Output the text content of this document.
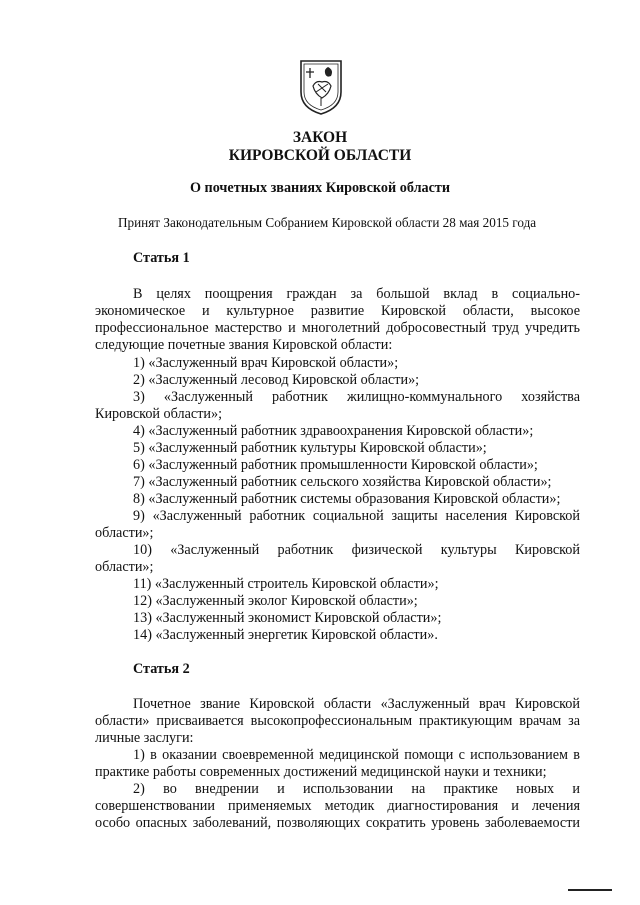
ЗАКОН
КИРОВСКОЙ ОБЛАСТИ
О почетных званиях Кировской области
Принят Законодательным Собранием Кировской области 28 мая 2015 года
Статья 1
В целях поощрения граждан за большой вклад в социально-
экономическое и культурное развитие Кировской области, высокое
профессиональное мастерство и многолетний добросовестный труд учредить
следующие почетные звания Кировской области:
1) «Заслуженный врач Кировской области»;
2) «Заслуженный лесовод Кировской области»;
3) «Заслуженный работник жилищно-коммунального хозяйства
Кировской области»;
4) «Заслуженный работник здравоохранения Кировской области»;
5) «Заслуженный работник культуры Кировской области»;
6) «Заслуженный работник промышленности Кировской области»;
7) «Заслуженный работник сельского хозяйства Кировской области»;
8) «Заслуженный работник системы образования Кировской области»;
9) «Заслуженный работник социальной защиты населения Кировской
области»;
10) «Заслуженный работник физической культуры Кировской
области»;
11) «Заслуженный строитель Кировской области»;
12) «Заслуженный эколог Кировской области»;
13) «Заслуженный экономист Кировской области»;
14) «Заслуженный энергетик Кировской области».
Статья 2
Почетное звание Кировской области «Заслуженный врач Кировской
области» присваивается высокопрофессиональным практикующим врачам за
личные заслуги:
1) в оказании своевременной медицинской помощи с использованием в
практике работы современных достижений медицинской науки и техники;
2) во внедрении и использовании на практике новых и
совершенствовании применяемых методик диагностирования и лечения
особо опасных заболеваний, позволяющих сократить уровень заболеваемости
